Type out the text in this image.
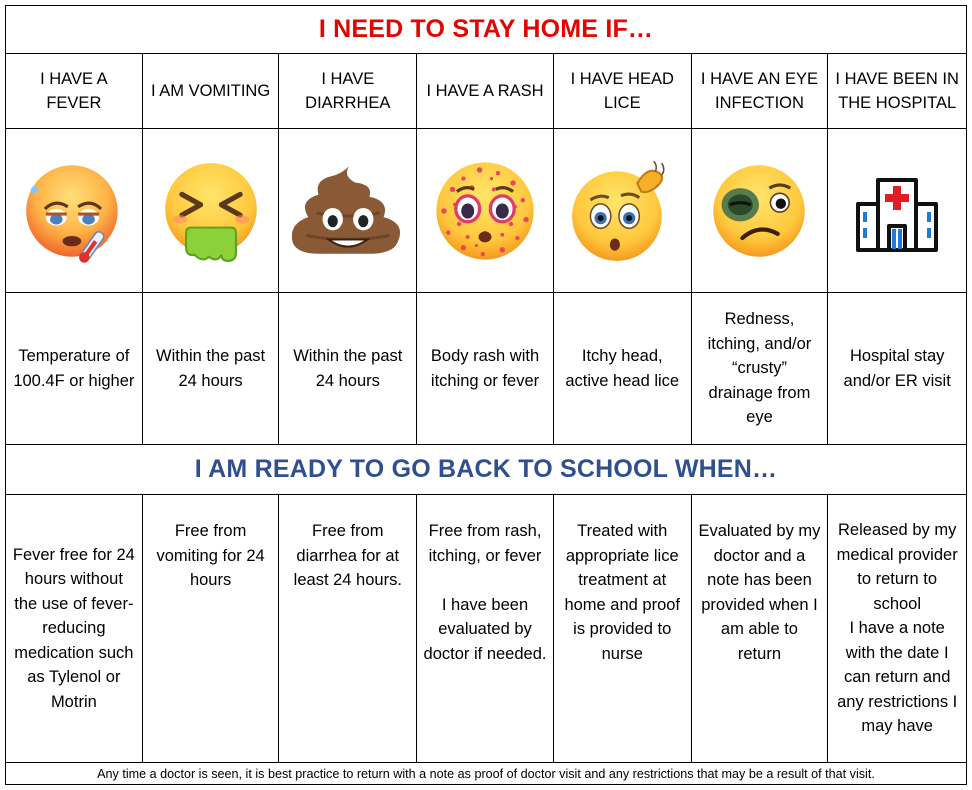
I NEED TO STAY HOME IF…
I HAVE A FEVER
I AM VOMITING
I HAVE DIARRHEA
I HAVE A RASH
I HAVE HEAD LICE
I HAVE AN EYE INFECTION
I HAVE BEEN IN THE HOSPITAL
Temperature of 100.4F or higher
Within the past 24 hours
Within the past 24 hours
Body rash with itching or fever
Itchy head, active head lice
Redness, itching, and/or “crusty” drainage from eye
Hospital stay and/or ER visit
I AM READY TO GO BACK TO SCHOOL WHEN…
Fever free for 24 hours without the use of fever-reducing medication such as Tylenol or Motrin
Free from vomiting for 24 hours
Free from diarrhea for at least 24 hours.
Free from rash, itching, or fever

I have been evaluated by doctor if needed.
Treated with appropriate lice treatment at home and proof is provided to nurse
Evaluated by my doctor and a note has been provided when I am able to return
Released by my medical provider to return to school
I have a note with the date I can return and any restrictions I may have
Any time a doctor is seen, it is best practice to return with a note as proof of doctor visit and any restrictions that may be a result of that visit.
